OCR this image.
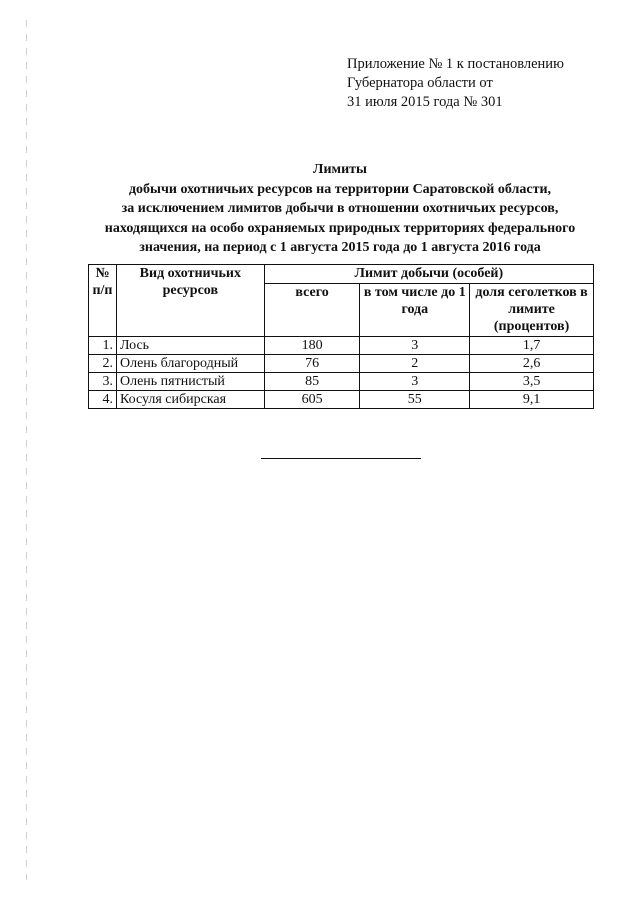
Приложение № 1 к постановлению
Губернатора области от
31 июля 2015 года № 301
Лимиты
добычи охотничьих ресурсов на территории Саратовской области,
за исключением лимитов добычи в отношении охотничьих ресурсов,
находящихся на особо охраняемых природных территориях федерального
значения, на период с 1 августа 2015 года до 1 августа 2016 года
№ п/п	Вид охотничьих ресурсов	Лимит добычи (особей)		
		всего	в том числе до 1 года	доля сеголетков в лимите (процентов)
1.	Лось	180	3	1,7
2.	Олень благородный	76	2	2,6
3.	Олень пятнистый	85	3	3,5
4.	Косуля сибирская	605	55	9,1
